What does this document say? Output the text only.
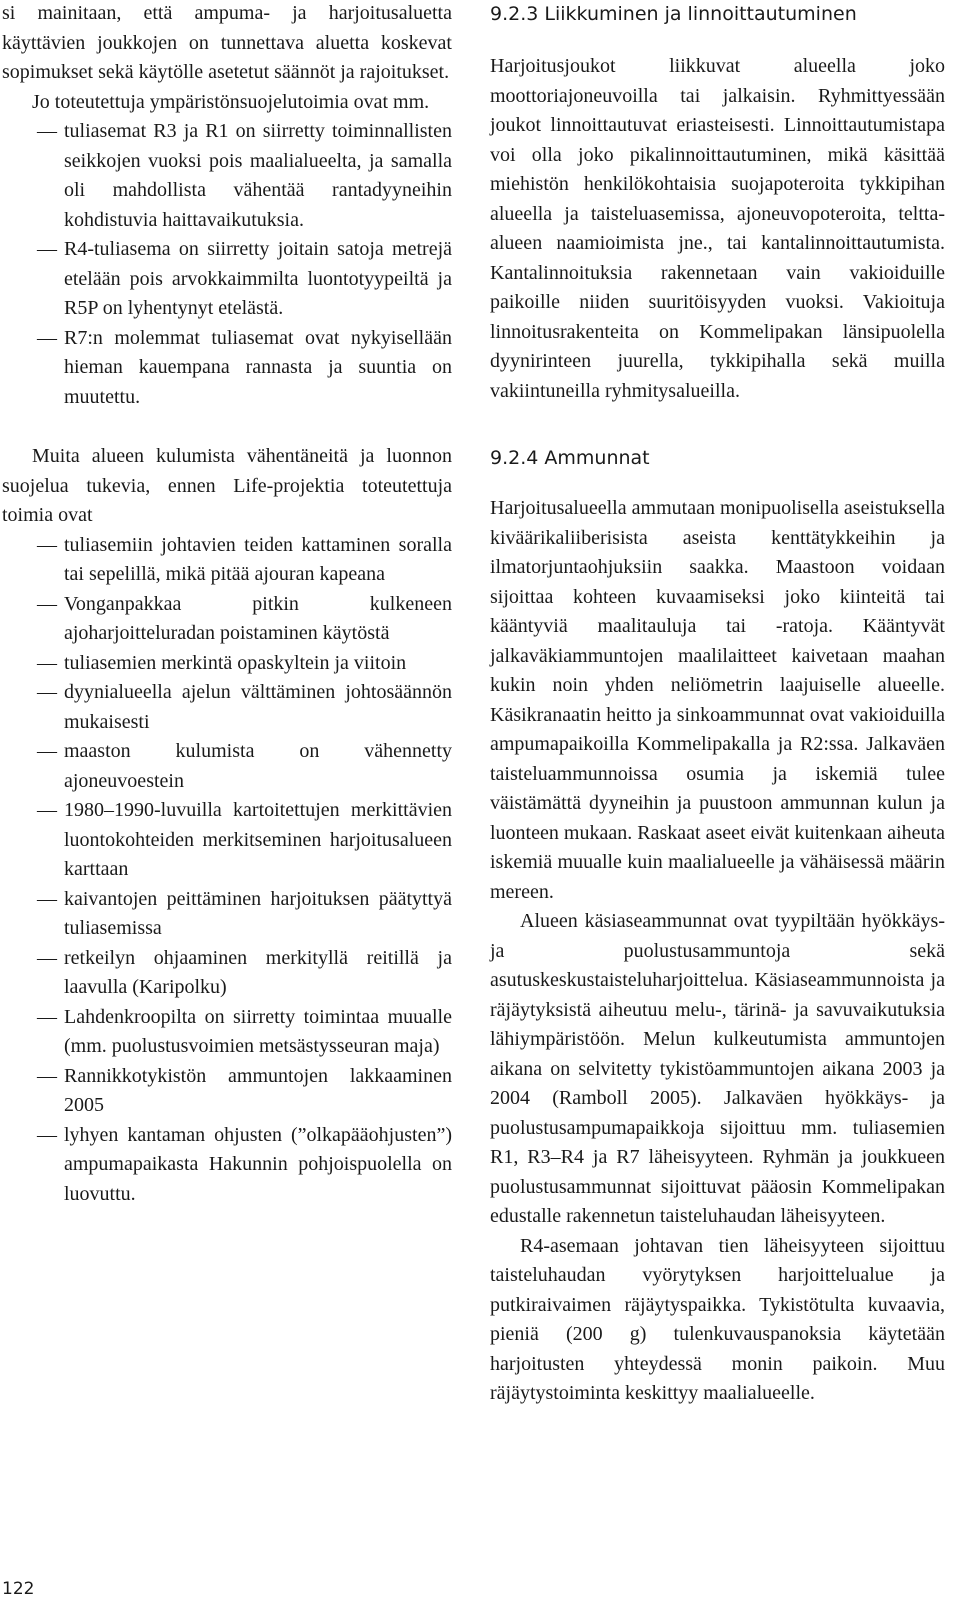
si mainitaan, että ampuma- ja harjoitusaluetta käyttävien joukkojen on tunnettava aluetta koskevat sopimukset sekä käytölle asetetut säännöt ja rajoitukset.

Jo toteutettuja ympäristönsuojelutoimia ovat mm.

— tuliasemat R3 ja R1 on siirretty toiminnallisten seikkojen vuoksi pois maalialueelta, ja samalla oli mahdollista vähentää rantadyyneihin kohdistuvia haittavaikutuksia.
— R4-tuliasema on siirretty joitain satoja metrejä etelään pois arvokkaimmilta luontotyypeiltä ja R5P on lyhentynyt etelästä.
— R7:n molemmat tuliasemat ovat nykyisellään hieman kauempana rannasta ja suuntia on muutettu.

Muita alueen kulumista vähentäneitä ja luonnon suojelua tukevia, ennen Life-projektia toteutettuja toimia ovat

— tuliasemiin johtavien teiden kattaminen soralla tai sepelillä, mikä pitää ajouran kapeana
— Vonganpakkaa pitkin kulkeneen ajoharjoitteluradan poistaminen käytöstä
— tuliasemien merkintä opaskyltein ja viitoin
— dyynialueella ajelun välttäminen johtosäännön mukaisesti
— maaston kulumista on vähennetty ajoneuvoestein
— 1980–1990-luvuilla kartoitettujen merkittävien luontokohteiden merkitseminen harjoitusalueen karttaan
— kaivantojen peittäminen harjoituksen päätyttyä tuliasemissa
— retkeilyn ohjaaminen merkityllä reitillä ja laavulla (Karipolku)
— Lahdenkroopilta on siirretty toimintaa muualle (mm. puolustusvoimien metsästysseuran maja)
— Rannikkotykistön ammuntojen lakkaaminen 2005
— lyhyen kantaman ohjusten (”olkapääohjusten”) ampumapaikasta Hakunnin pohjoispuolella on luovuttu.
9.2.3 Liikkuminen ja linnoittautuminen

Harjoitusjoukot liikkuvat alueella joko moottoriajoneuvoilla tai jalkaisin. Ryhmittyessään joukot linnoittautuvat eriasteisesti. Linnoittautumistapa voi olla joko pikalinnoittautuminen, mikä käsittää miehistön henkilökohtaisia suojapoteroita tykkipihan alueella ja taisteluasemissa, ajoneuvopoteroita, teltta-alueen naamioimista jne., tai kantalinnoittautumista. Kantalinnoituksia rakennetaan vain vakioiduille paikoille niiden suuritöisyyden vuoksi. Vakioituja linnoitusrakenteita on Kommelipakan länsipuolella dyynirinteen juurella, tykkipihalla sekä muilla vakiintuneilla ryhmitysalueilla.

9.2.4 Ammunnat

Harjoitusalueella ammutaan monipuolisella aseistuksella kiväärikaliiberisista aseista kenttätykkeihin ja ilmatorjuntaohjuksiin saakka. Maastoon voidaan sijoittaa kohteen kuvaamiseksi joko kiinteitä tai kääntyviä maalitauluja tai -ratoja. Kääntyvät jalkaväkiammuntojen maalilaitteet kaivetaan maahan kukin noin yhden neliömetrin laajuiselle alueelle. Käsikranaatin heitto ja sinkoammunnat ovat vakioiduilla ampumapaikoilla Kommelipakalla ja R2:ssa. Jalkaväen taisteluammunnoissa osumia ja iskemiä tulee väistämättä dyyneihin ja puustoon ammunnan kulun ja luonteen mukaan. Raskaat aseet eivät kuitenkaan aiheuta iskemiä muualle kuin maalialueelle ja vähäisessä määrin mereen.

Alueen käsiaseammunnat ovat tyypiltään hyökkäys- ja puolustusammuntoja sekä asutuskeskustaisteluharjoittelua. Käsiaseammunnoista ja räjäytyksistä aiheutuu melu-, tärinä- ja savuvaikutuksia lähiympäristöön. Melun kulkeutumista ammuntojen aikana on selvitetty tykistöammuntojen aikana 2003 ja 2004 (Ramboll 2005). Jalkaväen hyökkäys- ja puolustusampumapaikkoja sijoittuu mm. tuliasemien R1, R3–R4 ja R7 läheisyyteen. Ryhmän ja joukkueen puolustusammunnat sijoittuvat pääosin Kommelipakan edustalle rakennetun taisteluhaudan läheisyyteen.

R4-asemaan johtavan tien läheisyyteen sijoittuu taisteluhaudan vyörytyksen harjoittelualue ja putkiraivaimen räjäytyspaikka. Tykistötulta kuvaavia, pieniä (200 g) tulenkuvauspanoksia käytetään harjoitusten yhteydessä monin paikoin. Muu räjäytystoiminta keskittyy maalialueelle.

122
